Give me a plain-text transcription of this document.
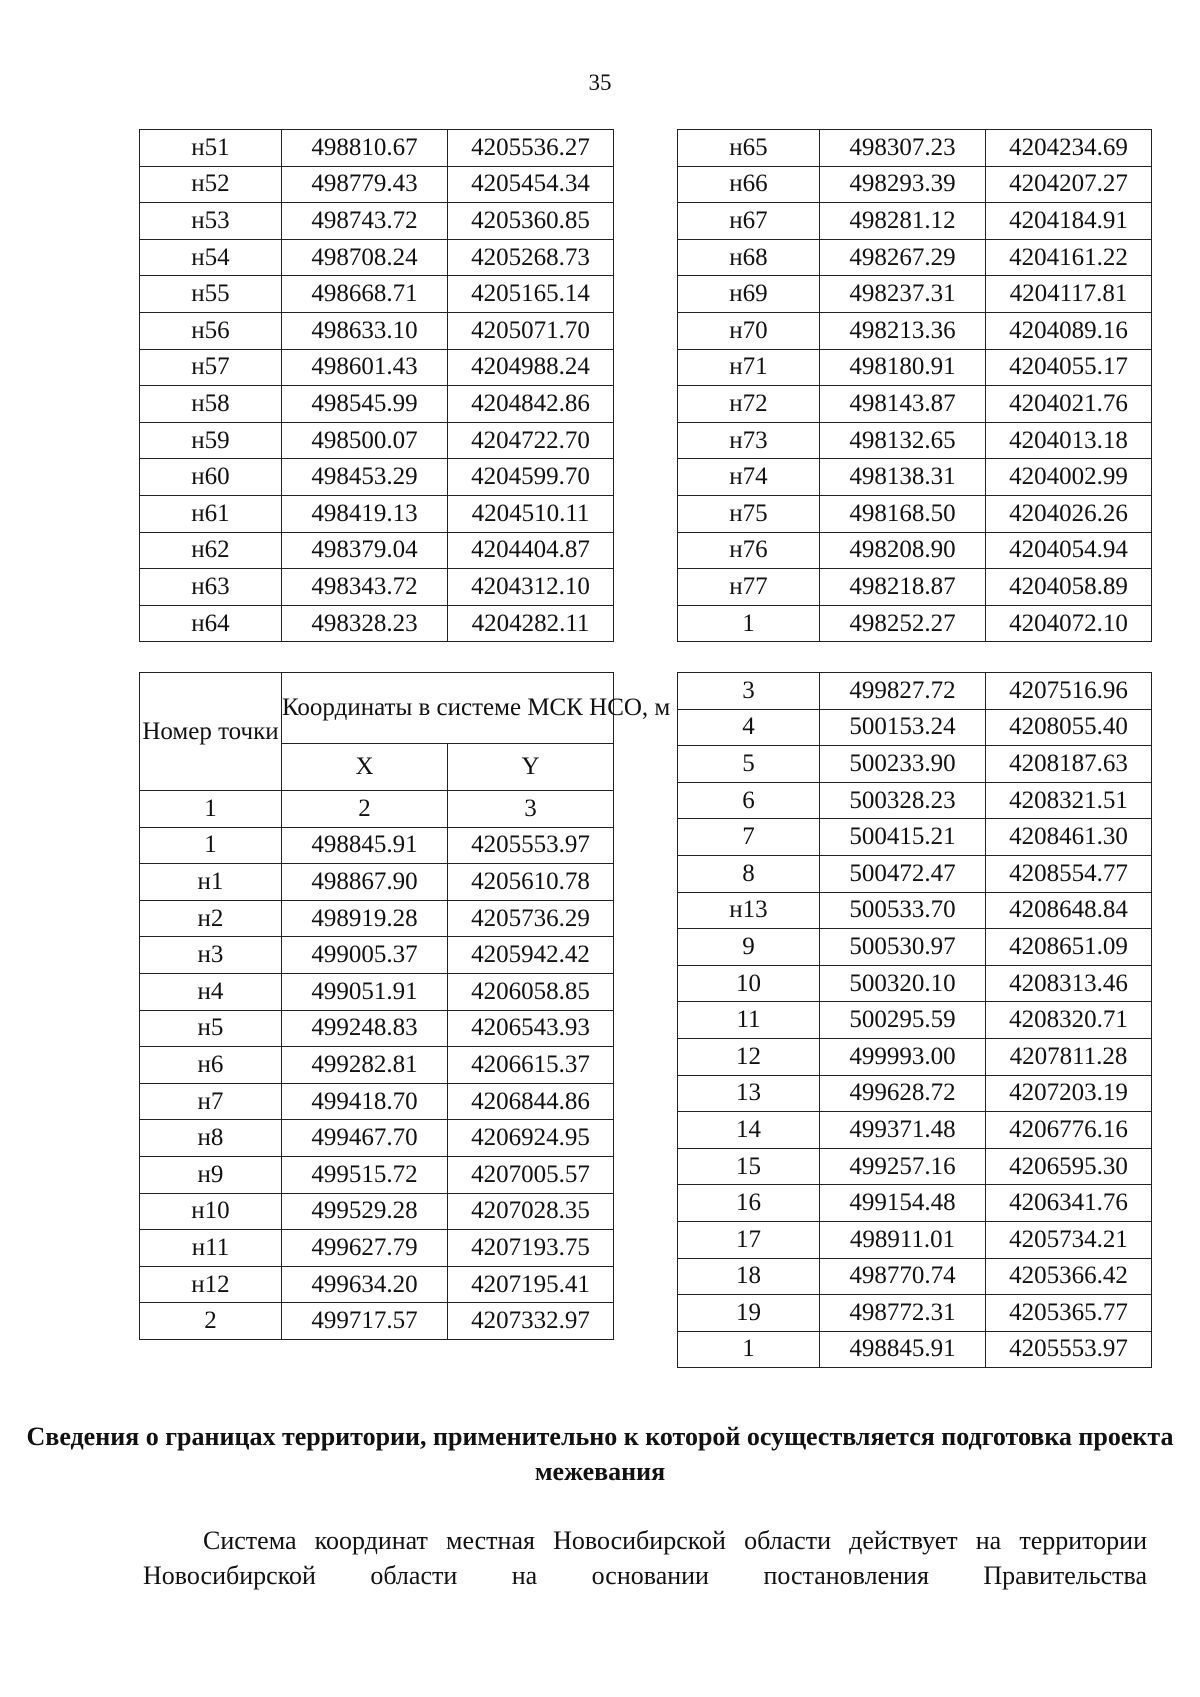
35
н51	498810.67	4205536.27
н52	498779.43	4205454.34
н53	498743.72	4205360.85
н54	498708.24	4205268.73
н55	498668.71	4205165.14
н56	498633.10	4205071.70
н57	498601.43	4204988.24
н58	498545.99	4204842.86
н59	498500.07	4204722.70
н60	498453.29	4204599.70
н61	498419.13	4204510.11
н62	498379.04	4204404.87
н63	498343.72	4204312.10
н64	498328.23	4204282.11
н65	498307.23	4204234.69
н66	498293.39	4204207.27
н67	498281.12	4204184.91
н68	498267.29	4204161.22
н69	498237.31	4204117.81
н70	498213.36	4204089.16
н71	498180.91	4204055.17
н72	498143.87	4204021.76
н73	498132.65	4204013.18
н74	498138.31	4204002.99
н75	498168.50	4204026.26
н76	498208.90	4204054.94
н77	498218.87	4204058.89
1	498252.27	4204072.10
Номер точки	Координаты в системе МСК НСО, м	
	X	Y
1	2	3
1	498845.91	4205553.97
н1	498867.90	4205610.78
н2	498919.28	4205736.29
н3	499005.37	4205942.42
н4	499051.91	4206058.85
н5	499248.83	4206543.93
н6	499282.81	4206615.37
н7	499418.70	4206844.86
н8	499467.70	4206924.95
н9	499515.72	4207005.57
н10	499529.28	4207028.35
н11	499627.79	4207193.75
н12	499634.20	4207195.41
2	499717.57	4207332.97
3	499827.72	4207516.96
4	500153.24	4208055.40
5	500233.90	4208187.63
6	500328.23	4208321.51
7	500415.21	4208461.30
8	500472.47	4208554.77
н13	500533.70	4208648.84
9	500530.97	4208651.09
10	500320.10	4208313.46
11	500295.59	4208320.71
12	499993.00	4207811.28
13	499628.72	4207203.19
14	499371.48	4206776.16
15	499257.16	4206595.30
16	499154.48	4206341.76
17	498911.01	4205734.21
18	498770.74	4205366.42
19	498772.31	4205365.77
1	498845.91	4205553.97
Сведения о границах территории, применительно к которой осуществляется подготовка проекта межевания
Система координат местная Новосибирской области действует на территории Новосибирской области на основании постановления Правительства
